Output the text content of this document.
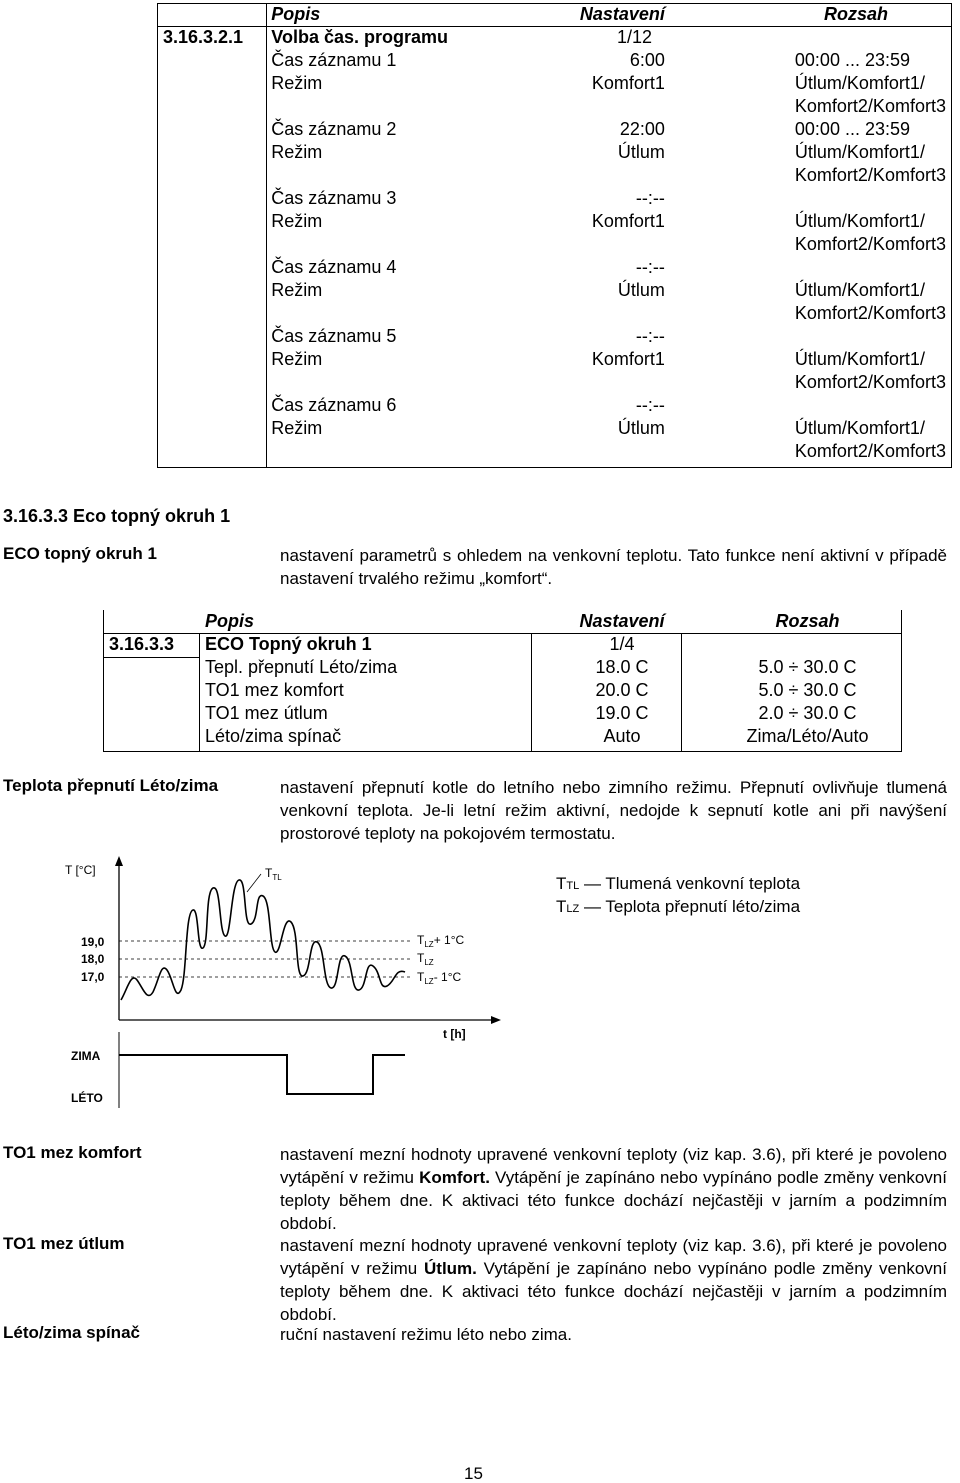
	Popis	Nastavení	Rozsah
3.16.3.2.1	Volba čas. programu	1/12	
	Čas záznamu 1	6:00	00:00 ... 23:59

	Režim	Komfort1	Útlum/Komfort1/
Komfort2/Komfort3

	Čas záznamu 2	22:00	00:00 ... 23:59

	Režim	Útlum	Útlum/Komfort1/
Komfort2/Komfort3

	Čas záznamu 3	--:--	

	Režim	Komfort1	Útlum/Komfort1/
Komfort2/Komfort3

	Čas záznamu 4	--:--	

	Režim	Útlum	Útlum/Komfort1/
Komfort2/Komfort3

	Čas záznamu 5	--:--	

	Režim	Komfort1	Útlum/Komfort1/
Komfort2/Komfort3

	Čas záznamu 6	--:--	

	Režim	Útlum	Útlum/Komfort1/
Komfort2/Komfort3
3.16.3.3 Eco topný okruh 1
ECO topný okruh 1	nastavení parametrů s ohledem na venkovní teplotu. Tato funkce není aktivní v případě nastavení trvalého režimu „komfort“.
	Popis	Nastavení	Rozsah
3.16.3.3	ECO Topný okruh 1	1/4	
	Tepl. přepnutí Léto/zima	18.0 C	5.0 ÷ 30.0 C
	TO1 mez komfort	20.0 C	5.0 ÷ 30.0 C
	TO1 mez útlum	19.0 C	2.0 ÷ 30.0 C
	Léto/zima spínač	Auto	Zima/Léto/Auto
Teplota přepnutí Léto/zima	nastavení přepnutí kotle do letního nebo zimního režimu. Přepnutí ovlivňuje tlumená venkovní teplota. Je-li letní režim aktivní, nedojde k sepnutí kotle ani při navýšení prostorové teploty na pokojovém termostatu.
T [°C]	$T_{TL}$
19,0
18,0
17,0
$T_{LZ}+ 1^\circ C$
$T_{LZ}$
$T_{LZ}-$ 1°C
t [h]
ZIMA
LÉTO
TTL — Tlumená venkovní teplota
TLZ — Teplota přepnutí léto/zima
TO1 mez komfort	nastavení mezní hodnoty upravené venkovní teploty (viz kap. 3.6), při které je povoleno vytápění v režimu Komfort. Vytápění je zapínáno nebo vypínáno podle změny venkovní teploty během dne. K aktivaci této funkce dochází nejčastěji v jarním a podzimním období.
TO1 mez útlum	nastavení mezní hodnoty upravené venkovní teploty (viz kap. 3.6), při které je povoleno vytápění v režimu Útlum. Vytápění je zapínáno nebo vypínáno podle změny venkovní teploty během dne. K aktivaci této funkce dochází nejčastěji v jarním a podzimním období.
Léto/zima spínač	ruční nastavení režimu léto nebo zima.
15
